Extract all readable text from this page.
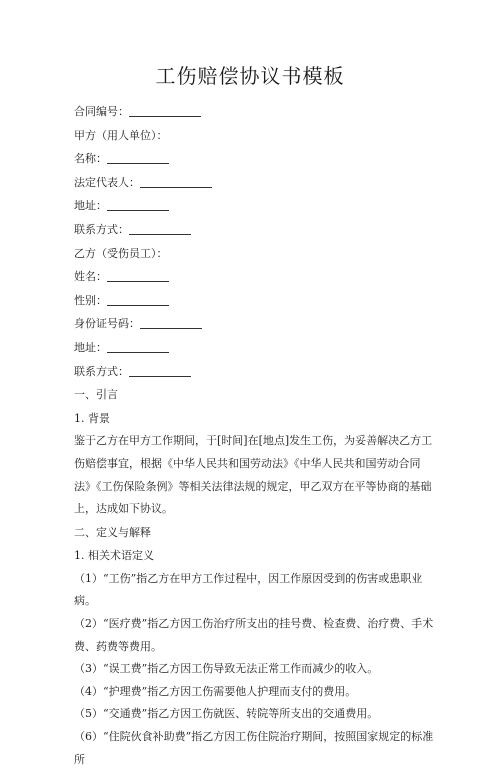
工伤赔偿协议书模板
合同编号：
甲方（用人单位）：
名称：
法定代表人：
地址：
联系方式：
乙方（受伤员工）：
姓名：
性别：
身份证号码：
地址：
联系方式：
一、引言
1. 背景

鉴于乙方在甲方工作期间，于[时间]在[地点]发生工伤，为妥善解决乙方工伤赔偿事宜，根据《中华人民共和国劳动法》《中华人民共和国劳动合同法》《工伤保险条例》等相关法律法规的规定，甲乙双方在平等协商的基础上，达成如下协议。

二、定义与解释
1. 相关术语定义

（1）“工伤”指乙方在甲方工作过程中，因工作原因受到的伤害或患职业病。

（2）“医疗费”指乙方因工伤治疗所支出的挂号费、检查费、治疗费、手术费、药费等费用。

（3）“误工费”指乙方因工伤导致无法正常工作而减少的收入。

（4）“护理费”指乙方因工伤需要他人护理而支付的费用。

（5）“交通费”指乙方因工伤就医、转院等所支出的交通费用。

（6）“住院伙食补助费”指乙方因工伤住院治疗期间，按照国家规定的标准所
